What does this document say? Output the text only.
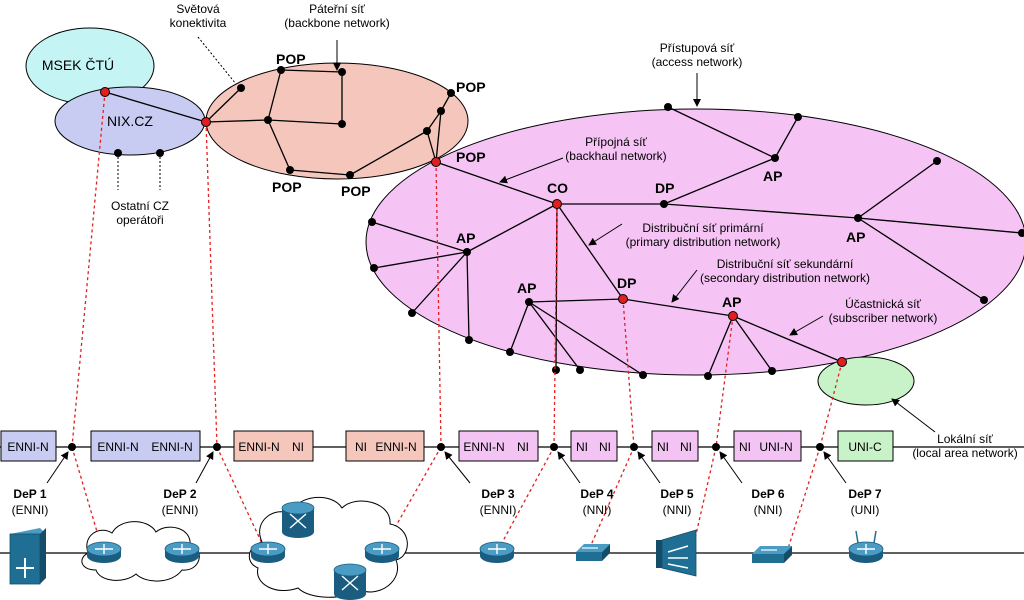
MSEK ČTÚ
NIX.CZ
POP
POP
POP	POP
POP
CO	DP
DP
AP
AP
AP
AP
AP
Světová
konektivita
Páteřní síť
(backbone network)
Přístupová síť
(access network)
Přípojná síť
(backhaul network)
Distribuční síť primární
(primary distribution network)
Distribuční síť sekundární
(secondary distribution network)
Účastnická síť
(subscriber network)
Ostatní CZ
operátoři
Lokální síť
(local area network)
ENNI-N	ENNI-N ENNI-N	ENNI-N NI	NI ENNI-N	ENNI-N NI	NI NI	NI NI	NI UNI-N	UNI-C
DeP 1
(ENNI)
DeP 2
(ENNI)
DeP 3
(ENNI)
DeP 4
(NNI)
DeP 5
(NNI)
DeP 6
(NNI)
DeP 7
(UNI)
